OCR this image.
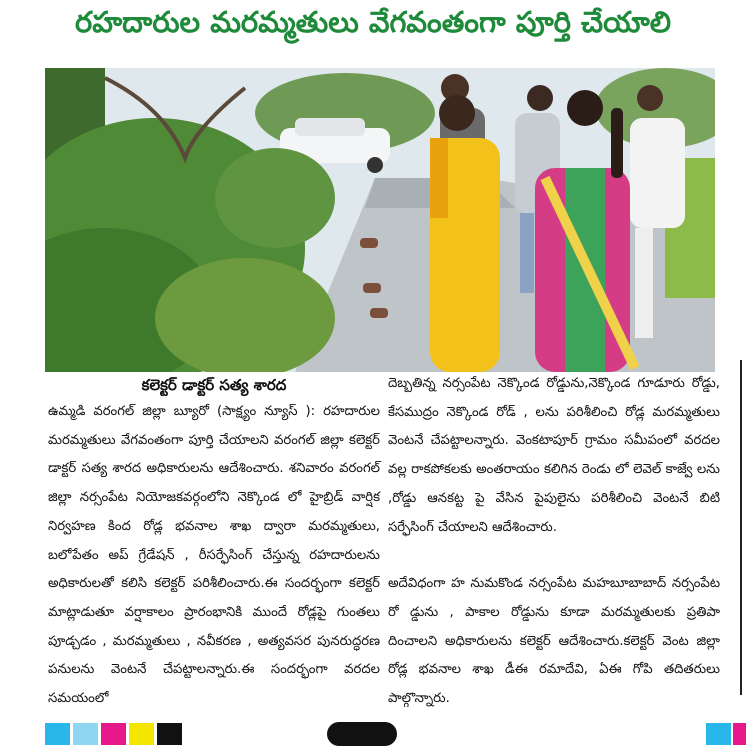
రహదారుల మరమ్మతులు వేగవంతంగా పూర్తి చేయాలి
కలెక్టర్ డాక్టర్ సత్య శారద

ఉమ్మడి వరంగల్ జిల్లా బ్యూరో (సాక్ష్యం న్యూస్ ): రహదారుల మరమ్మతులు వేగవంతంగా పూర్తి చేయాలని వరంగల్ జిల్లా కలెక్టర్ డాక్టర్ సత్య శారద అధికారులను ఆదేశించారు. శనివారం వరంగల్ జిల్లా నర్సంపేట నియోజకవర్గంలోని నెక్కొండ లో హైబ్రిడ్ వార్షిక నిర్వహణ కింద రోడ్ల భవనాల శాఖ ద్వారా మరమ్మతులు, బలోపేతం అప్ గ్రేడేషన్ , రీసర్ఫేసింగ్ చేస్తున్న రహదారులను అధికారులతో కలిసి కలెక్టర్ పరిశీలించారు.ఈ సందర్భంగా కలెక్టర్ మాట్లాడుతూ వర్షాకాలం ప్రారంభానికి ముందే రోడ్లపై గుంతలు పూడ్చడం , మరమ్మతులు , నవీకరణ , అత్యవసర పునరుద్ధరణ పనులను వెంటనే చేపట్టాలన్నారు.ఈ సందర్భంగా వరదల సమయంలో

దెబ్బతిన్న నర్సంపేట నెక్కొండ రోడ్డును,నెక్కొండ గూడూరు రోడ్డు, కేసముద్రం నెక్కొండ రోడ్ , లను పరిశీలించి రోడ్ల మరమ్మతులు వెంటనే చేపట్టాలన్నారు. వెంకటాపూర్ గ్రామం సమీపంలో వరదల వల్ల రాకపోకలకు అంతరాయం కలిగిన రెండు లో లెవెల్ కాజ్వే లను ,రోడ్డు ఆనకట్ట పై వేసిన పైపులైను పరిశీలించి వెంటనే బిటి సర్ఫేసింగ్ చేయాలని ఆదేశించారు.

అదేవిధంగా హ నుమకొండ నర్సంపేట మహబూబాబాద్ నర్సంపేట రో డ్డును , పాకాల రోడ్డును కూడా మరమ్మతులకు ప్రతిపా దించాలని అధికారులను కలెక్టర్ ఆదేశించారు.కలెక్టర్ వెంట జిల్లా రోడ్ల భవనాల శాఖ డీఈ రమాదేవి, ఏఈ గోపి తదితరులు పాల్గొన్నారు.
